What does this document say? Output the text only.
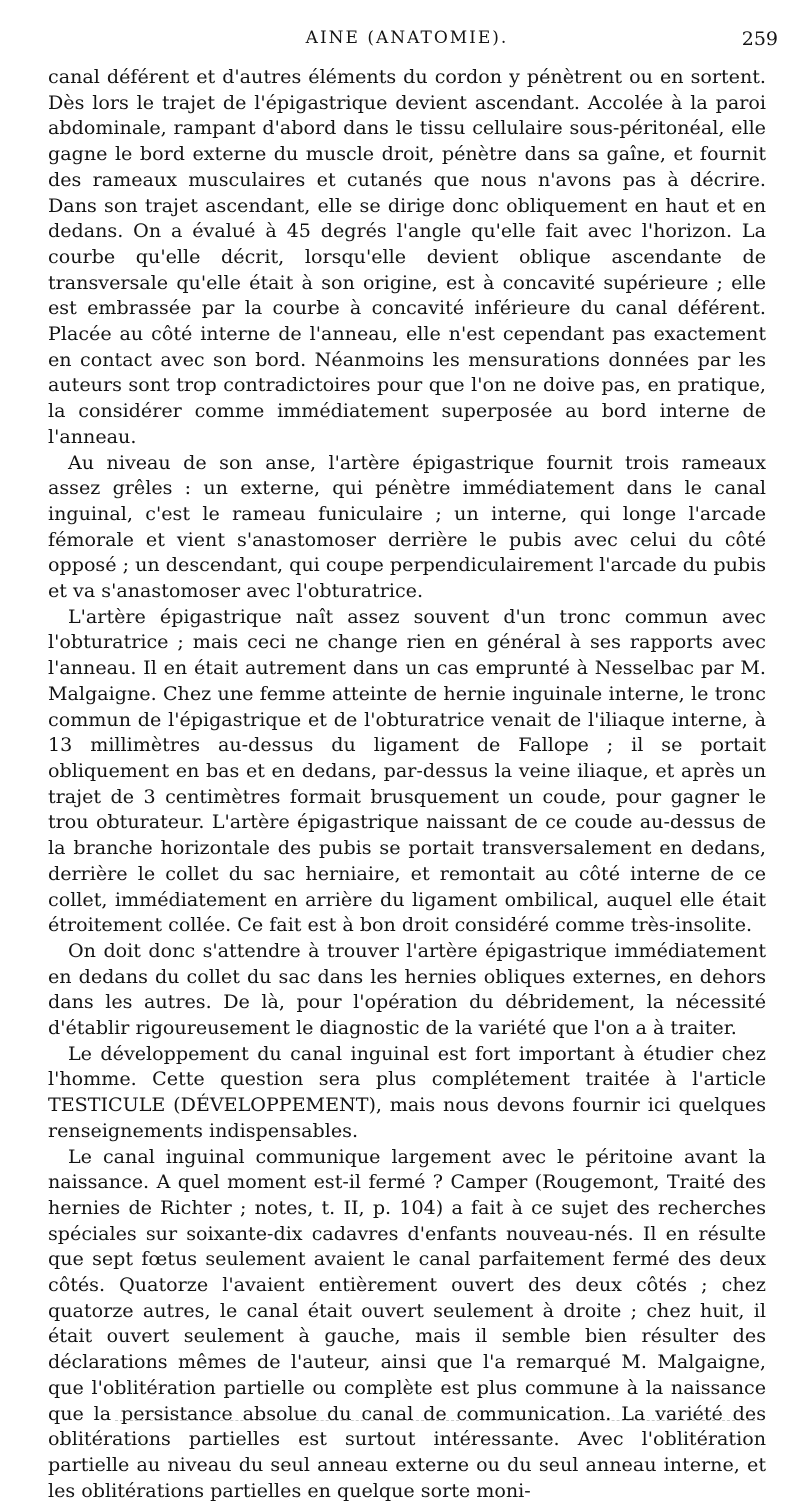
AINE (ANATOMIE).	259

canal déférent et d'autres éléments du cordon y pénètrent ou en sortent. Dès lors le trajet de l'épigastrique devient ascendant. Accolée à la paroi abdominale, rampant d'abord dans le tissu cellulaire sous-péritonéal, elle gagne le bord externe du muscle droit, pénètre dans sa gaîne, et fournit des rameaux musculaires et cutanés que nous n'avons pas à décrire. Dans son trajet ascendant, elle se dirige donc obliquement en haut et en dedans. On a évalué à 45 degrés l'angle qu'elle fait avec l'horizon. La courbe qu'elle décrit, lorsqu'elle devient oblique ascendante de transversale qu'elle était à son origine, est à concavité supérieure ; elle est embrassée par la courbe à concavité inférieure du canal déférent. Placée au côté interne de l'anneau, elle n'est cependant pas exactement en contact avec son bord. Néanmoins les mensurations données par les auteurs sont trop contradictoires pour que l'on ne doive pas, en pratique, la considérer comme immédiatement superposée au bord interne de l'anneau.

Au niveau de son anse, l'artère épigastrique fournit trois rameaux assez grêles : un externe, qui pénètre immédiatement dans le canal inguinal, c'est le rameau funiculaire ; un interne, qui longe l'arcade fémorale et vient s'anastomoser derrière le pubis avec celui du côté opposé ; un descendant, qui coupe perpendiculairement l'arcade du pubis et va s'anastomoser avec l'obturatrice.

L'artère épigastrique naît assez souvent d'un tronc commun avec l'obturatrice ; mais ceci ne change rien en général à ses rapports avec l'anneau. Il en était autrement dans un cas emprunté à Nesselbac par M. Malgaigne. Chez une femme atteinte de hernie inguinale interne, le tronc commun de l'épigastrique et de l'obturatrice venait de l'iliaque interne, à 13 millimètres au-dessus du ligament de Fallope ; il se portait obliquement en bas et en dedans, par-dessus la veine iliaque, et après un trajet de 3 centimètres formait brusquement un coude, pour gagner le trou obturateur. L'artère épigastrique naissant de ce coude au-dessus de la branche horizontale des pubis se portait transversalement en dedans, derrière le collet du sac herniaire, et remontait au côté interne de ce collet, immédiatement en arrière du ligament ombilical, auquel elle était étroitement collée. Ce fait est à bon droit considéré comme très-insolite.

On doit donc s'attendre à trouver l'artère épigastrique immédiatement en dedans du collet du sac dans les hernies obliques externes, en dehors dans les autres. De là, pour l'opération du débridement, la nécessité d'établir rigoureusement le diagnostic de la variété que l'on a à traiter.

Le développement du canal inguinal est fort important à étudier chez l'homme. Cette question sera plus complétement traitée à l'article TESTICULE (DÉVELOPPEMENT), mais nous devons fournir ici quelques renseignements indispensables.

Le canal inguinal communique largement avec le péritoine avant la naissance. A quel moment est-il fermé ? Camper (Rougemont, Traité des hernies de Richter ; notes, t. II, p. 104) a fait à ce sujet des recherches spéciales sur soixante-dix cadavres d'enfants nouveau-nés. Il en résulte que sept fœtus seulement avaient le canal parfaitement fermé des deux côtés. Quatorze l'avaient entièrement ouvert des deux côtés ; chez quatorze autres, le canal était ouvert seulement à droite ; chez huit, il était ouvert seulement à gauche, mais il semble bien résulter des déclarations mêmes de l'auteur, ainsi que l'a remarqué M. Malgaigne, que l'oblitération partielle ou complète est plus commune à la naissance que la persistance absolue du canal de communication. La variété des oblitérations partielles est surtout intéressante. Avec l'oblitération partielle au niveau du seul anneau externe ou du seul anneau interne, et les oblitérations partielles en quelque sorte moni-
